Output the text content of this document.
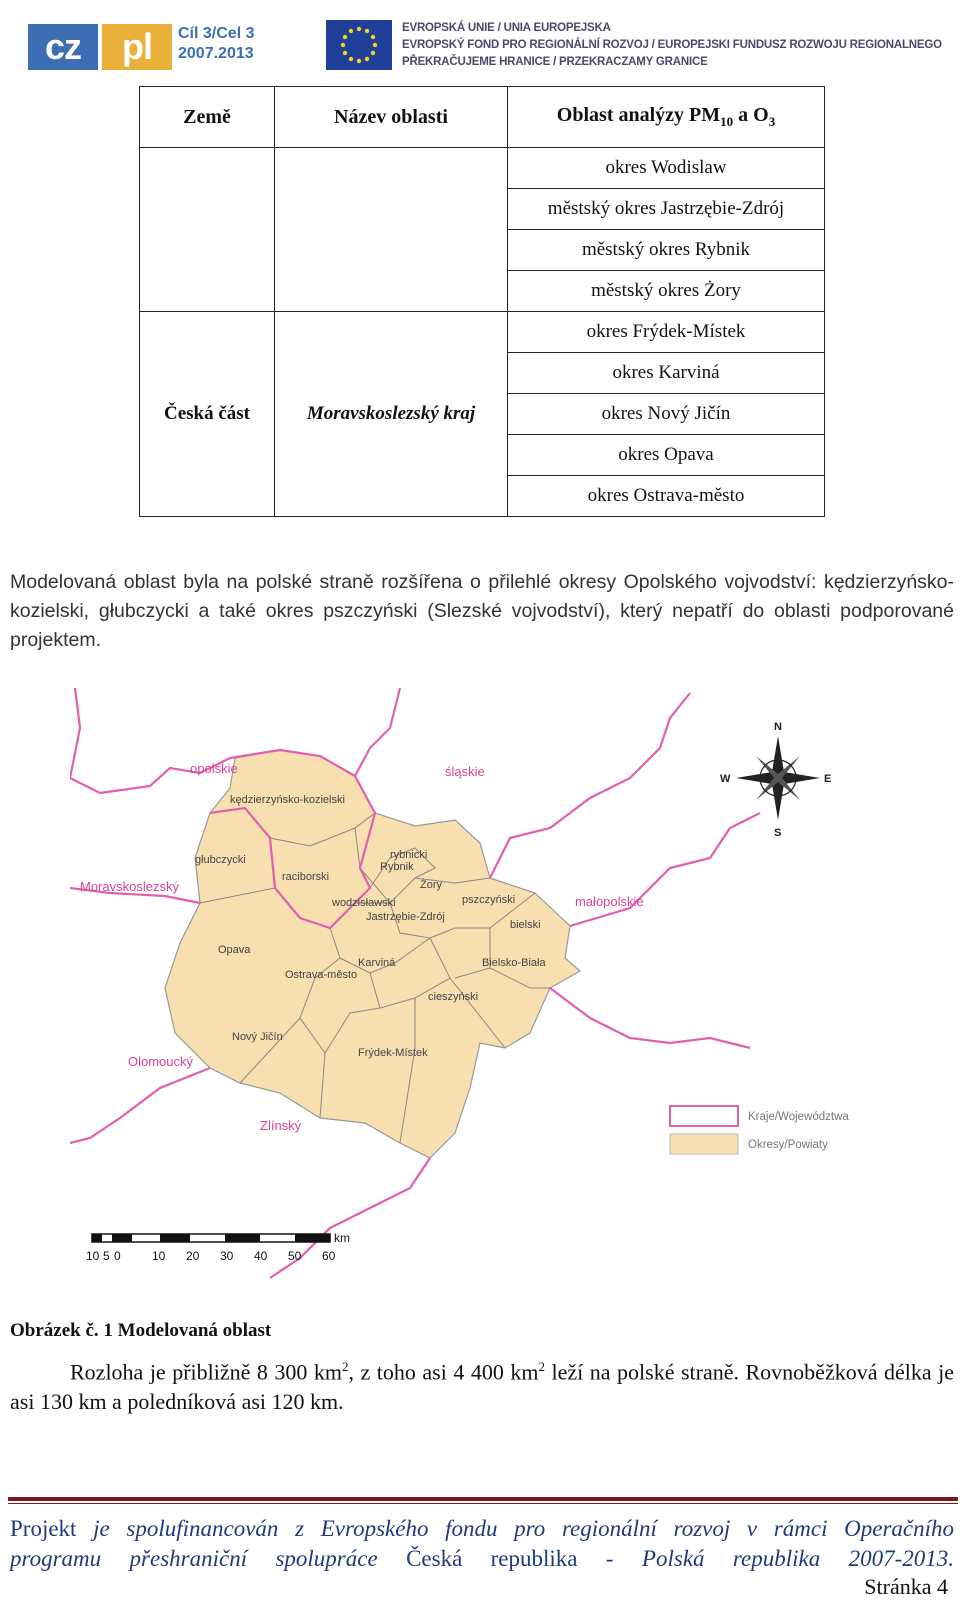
cz	pl	Cíl 3/Cel 3
2007.2013
EVROPSKÁ UNIE / UNIA EUROPEJSKA
EVROPSKÝ FOND PRO REGIONÁLNÍ ROZVOJ / EUROPEJSKI FUNDUSZ ROZWOJU REGIONALNEGO
PŘEKRAČUJEME HRANICE / PRZEKRACZAMY GRANICE
Země	Název oblasti	Oblast analýzy $PM_{10}$ a $O_3$
		okres Wodislaw
		městský okres Jastrzębie-Zdrój
		městský okres Rybnik
		městský okres Żory
Česká část	Moravskoslezský kraj	okres Frýdek-Místek
		okres Karviná
		okres Nový Jičín
		okres Opava
		okres Ostrava-město
Modelovaná oblast byla na polské straně rozšířena o přilehlé okresy Opolského vojvodství: kędzierzyńsko-kozielski, głubczycki a také okres pszczyński (Slezské vojvodství), který nepatří do oblasti podporované projektem.
opolskie	śląskie
Moravskoslezský
małopolskie
Olomoucký
Zlínský
kędzierzyńsko-kozielski
głubczycki
raciborski
rybnicki
Rybnik
Żory
wodzisławski
Jastrzębie-Zdrój
pszczyński
bielski
Bielsko-Biała
cieszyński
Karviná
Ostrava-město
Opava
Nový Jičín
Frýdek-Místek
N
S
E
W
Kraje/Województwa
Okresy/Powiaty
km
10 5 0	10 20 30 40 50 60
Obrázek č. 1 Modelovaná oblast
Rozloha je přibližně 8 300 $km^2$, z toho asi 4 400 $km^2$ leží na polské straně. Rovnoběžková délka je asi 130 km a poledníková asi 120 km.
Projekt je spolufinancován z Evropského fondu pro regionální rozvoj v rámci Operačního
programu přeshraniční spolupráce Česká republika - Polská republika 2007-2013.
Stránka 4
